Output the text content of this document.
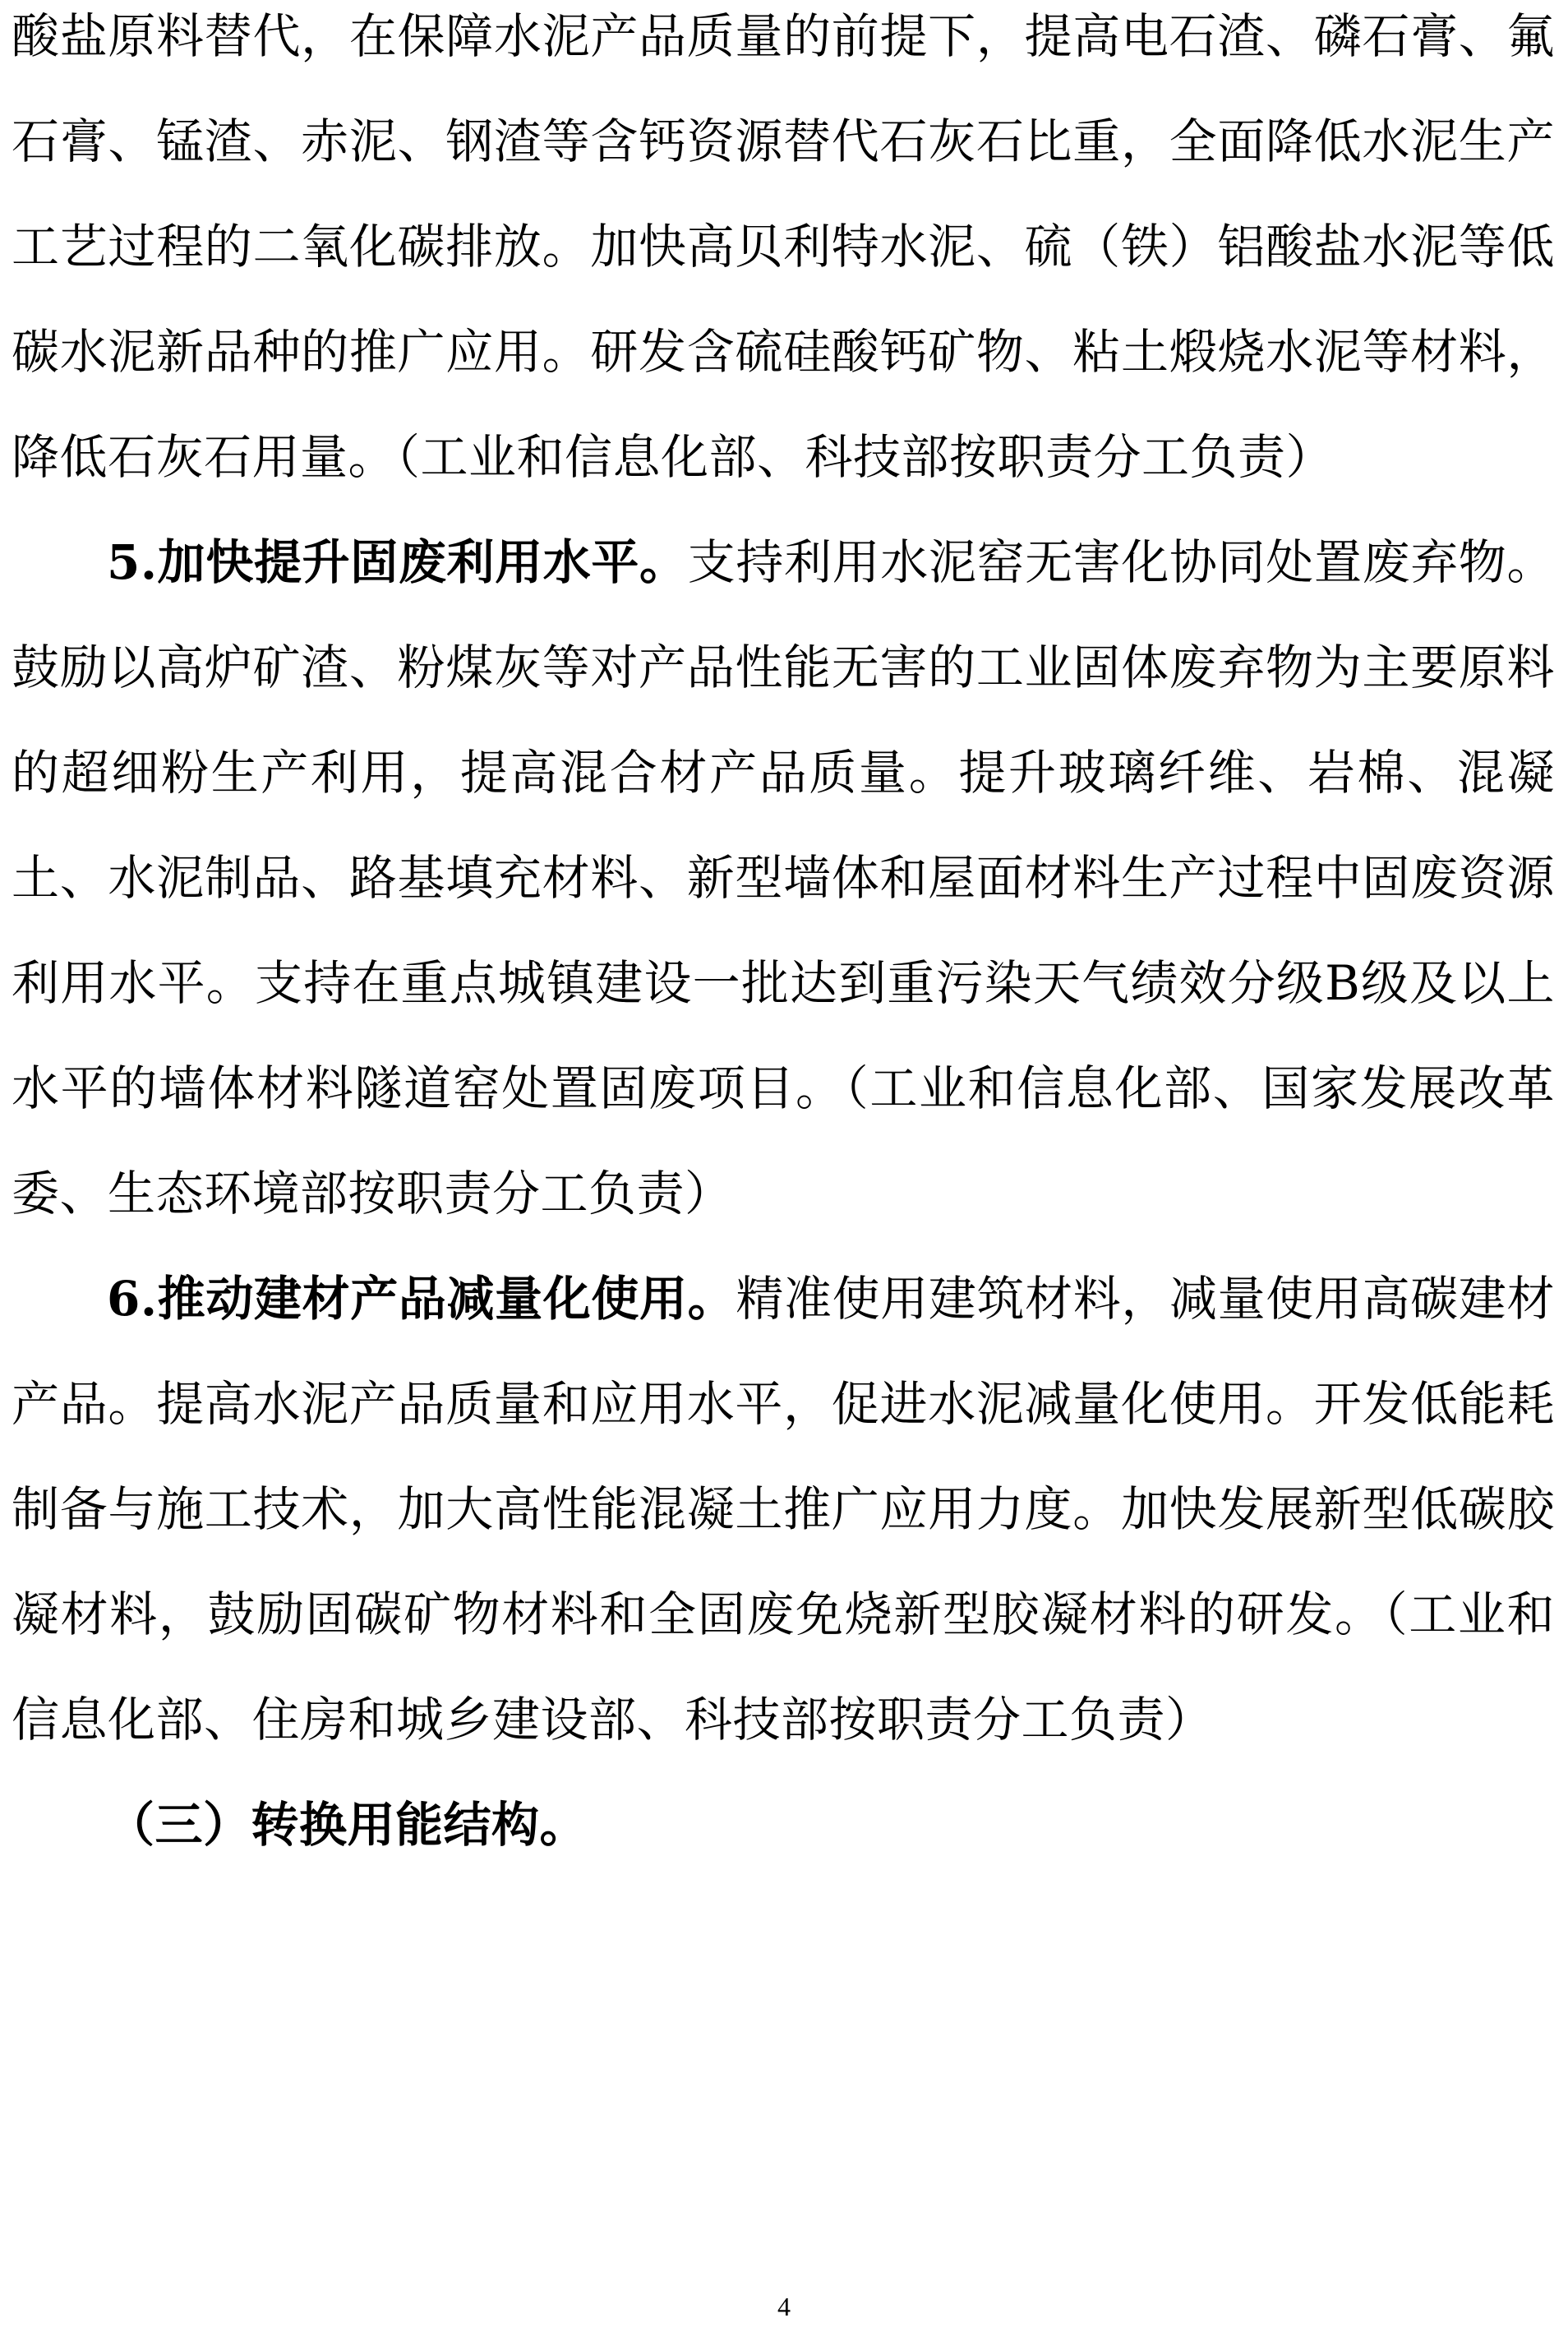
酸盐原料替代，在保障水泥产品质量的前提下，提高电石渣、磷石膏、氟石膏、锰渣、赤泥、钢渣等含钙资源替代石灰石比重，全面降低水泥生产工艺过程的二氧化碳排放。加快高贝利特水泥、硫（铁）铝酸盐水泥等低碳水泥新品种的推广应用。研发含硫硅酸钙矿物、粘土煅烧水泥等材料，降低石灰石用量。（工业和信息化部、科技部按职责分工负责）

5.加快提升固废利用水平。支持利用水泥窑无害化协同处置废弃物。鼓励以高炉矿渣、粉煤灰等对产品性能无害的工业固体废弃物为主要原料的超细粉生产利用，提高混合材产品质量。提升玻璃纤维、岩棉、混凝土、水泥制品、路基填充材料、新型墙体和屋面材料生产过程中固废资源利用水平。支持在重点城镇建设一批达到重污染天气绩效分级B级及以上水平的墙体材料隧道窑处置固废项目。（工业和信息化部、国家发展改革委、生态环境部按职责分工负责）

6.推动建材产品减量化使用。精准使用建筑材料，减量使用高碳建材产品。提高水泥产品质量和应用水平，促进水泥减量化使用。开发低能耗制备与施工技术，加大高性能混凝土推广应用力度。加快发展新型低碳胶凝材料，鼓励固碳矿物材料和全固废免烧新型胶凝材料的研发。（工业和信息化部、住房和城乡建设部、科技部按职责分工负责）

（三）转换用能结构。

4
